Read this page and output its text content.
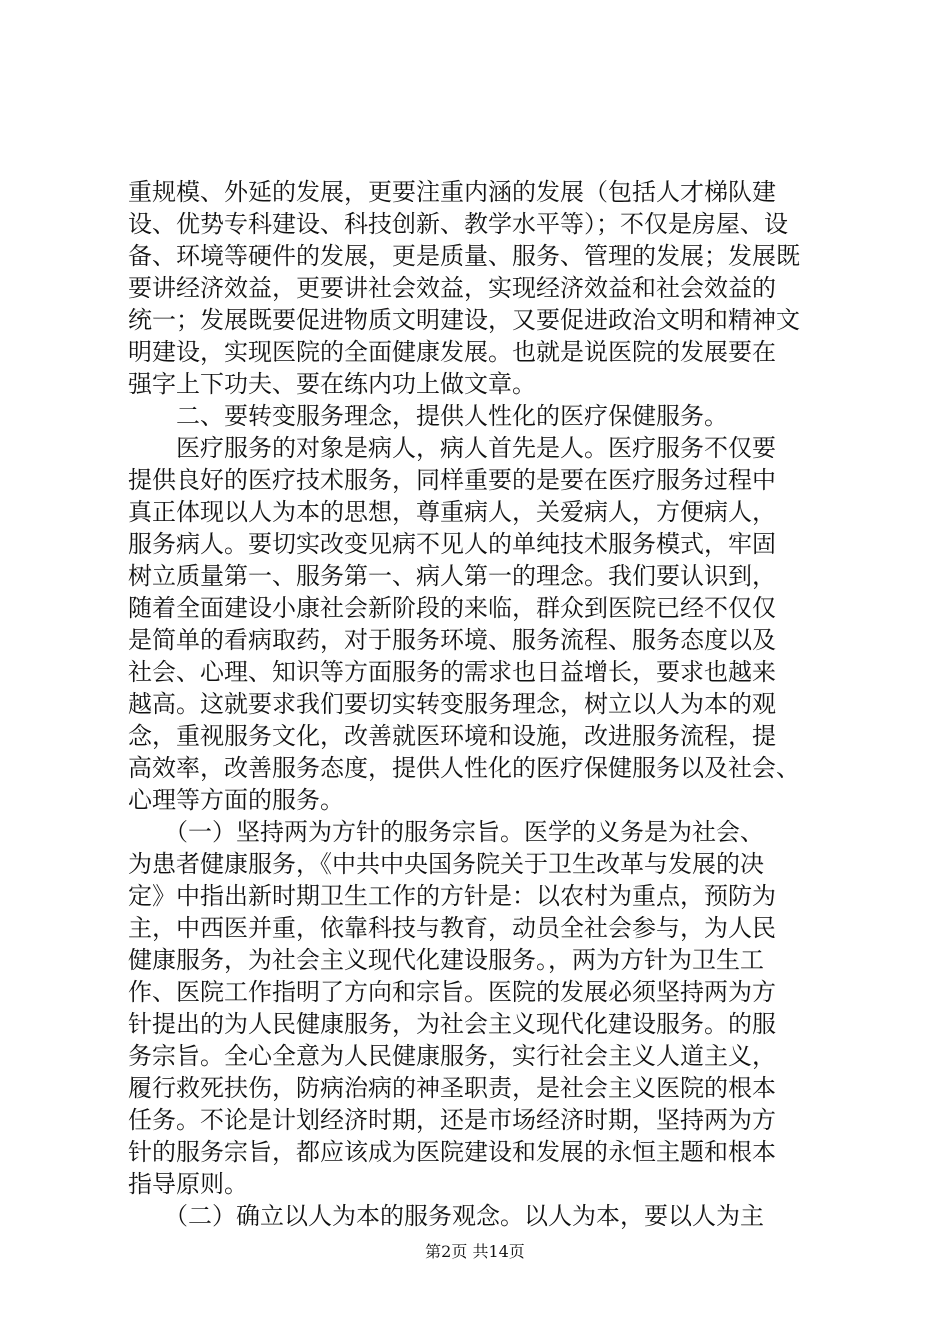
重规模、外延的发展，更要注重内涵的发展（包括人才梯队建
设、优势专科建设、科技创新、教学水平等）；不仅是房屋、设
备、环境等硬件的发展，更是质量、服务、管理的发展；发展既
要讲经济效益，更要讲社会效益，实现经济效益和社会效益的
统一；发展既要促进物质文明建设，又要促进政治文明和精神文
明建设，实现医院的全面健康发展。也就是说医院的发展要在
强字上下功夫、要在练内功上做文章。
　　二、要转变服务理念，提供人性化的医疗保健服务。
　　医疗服务的对象是病人，病人首先是人。医疗服务不仅要
提供良好的医疗技术服务，同样重要的是要在医疗服务过程中
真正体现以人为本的思想，尊重病人，关爱病人，方便病人，
服务病人。要切实改变见病不见人的单纯技术服务模式，牢固
树立质量第一、服务第一、病人第一的理念。我们要认识到，
随着全面建设小康社会新阶段的来临，群众到医院已经不仅仅
是简单的看病取药，对于服务环境、服务流程、服务态度以及
社会、心理、知识等方面服务的需求也日益增长，要求也越来
越高。这就要求我们要切实转变服务理念，树立以人为本的观
念，重视服务文化，改善就医环境和设施，改进服务流程，提
高效率，改善服务态度，提供人性化的医疗保健服务以及社会、
心理等方面的服务。
　　（一）坚持两为方针的服务宗旨。医学的义务是为社会、
为患者健康服务，《中共中央国务院关于卫生改革与发展的决
定》中指出新时期卫生工作的方针是：以农村为重点，预防为
主，中西医并重，依靠科技与教育，动员全社会参与，为人民
健康服务，为社会主义现代化建设服务。，两为方针为卫生工
作、医院工作指明了方向和宗旨。医院的发展必须坚持两为方
针提出的为人民健康服务，为社会主义现代化建设服务。的服
务宗旨。全心全意为人民健康服务，实行社会主义人道主义，
履行救死扶伤，防病治病的神圣职责，是社会主义医院的根本
任务。不论是计划经济时期，还是市场经济时期，坚持两为方
针的服务宗旨，都应该成为医院建设和发展的永恒主题和根本
指导原则。
　　（二）确立以人为本的服务观念。以人为本，要以人为主
第2页 共14页
